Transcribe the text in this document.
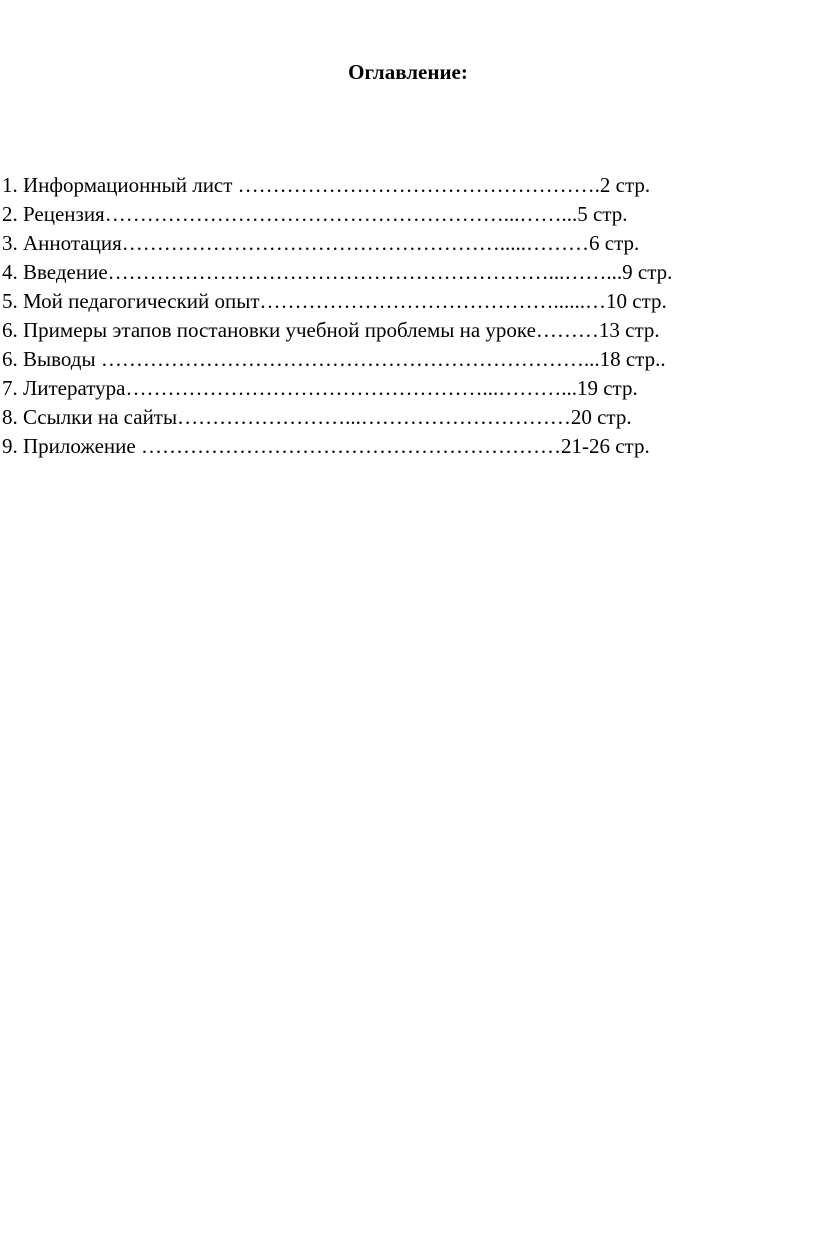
Оглавление:
1. Информационный лист …………………………………………….2 стр.
2. Рецензия…………………………………………………...……...5 стр.
3. Аннотация……………………………………………….....………6 стр.
4. Введение………………………………………………………...……...9 стр.
5. Мой педагогический опыт……………………………………......…10 стр.
6. Примеры этапов постановки учебной проблемы на уроке………13 стр.
6. Выводы ……………………………………………………………...18 стр..
7. Литература……………………………………………...………...19 стр.
8. Ссылки на сайты……………………...…………………………20 стр.
9. Приложение ……………………………………………………21-26 стр.
